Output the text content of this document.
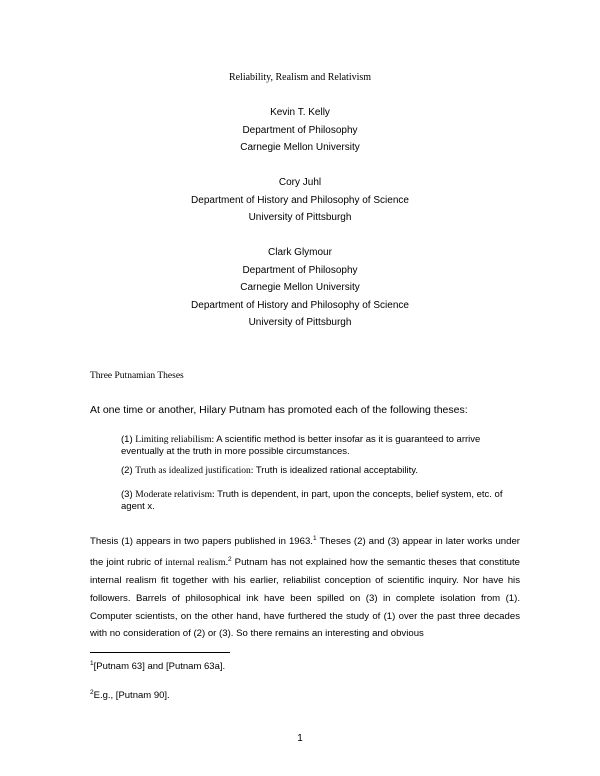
Reliability, Realism and Relativism
Kevin T. Kelly
Department of Philosophy
Carnegie Mellon University
Cory Juhl
Department of History and Philosophy of Science
University of Pittsburgh
Clark Glymour
Department of Philosophy
Carnegie Mellon University
Department of History and Philosophy of Science
University of Pittsburgh
Three Putnamian Theses
At one time or another, Hilary Putnam has promoted each of the following theses:
(1) Limiting reliabilism: A scientific method is better insofar as it is guaranteed to arrive eventually at the truth in more possible circumstances.
(2) Truth as idealized justification: Truth is idealized rational acceptability.
(3) Moderate relativism: Truth is dependent, in part, upon the concepts, belief system, etc. of agent x.
Thesis (1) appears in two papers published in 1963.$^1$ Theses (2) and (3) appear in later works under the joint rubric of internal realism.$^2$ Putnam has not explained how the semantic theses that constitute internal realism fit together with his earlier, reliabilist conception of scientific inquiry. Nor have his followers. Barrels of philosophical ink have been spilled on (3) in complete isolation from (1). Computer scientists, on the other hand, have furthered the study of (1) over the past three decades with no consideration of (2) or (3). So there remains an interesting and obvious
$^1$[Putnam 63] and [Putnam 63a].
$^2$E.g., [Putnam 90].
1
